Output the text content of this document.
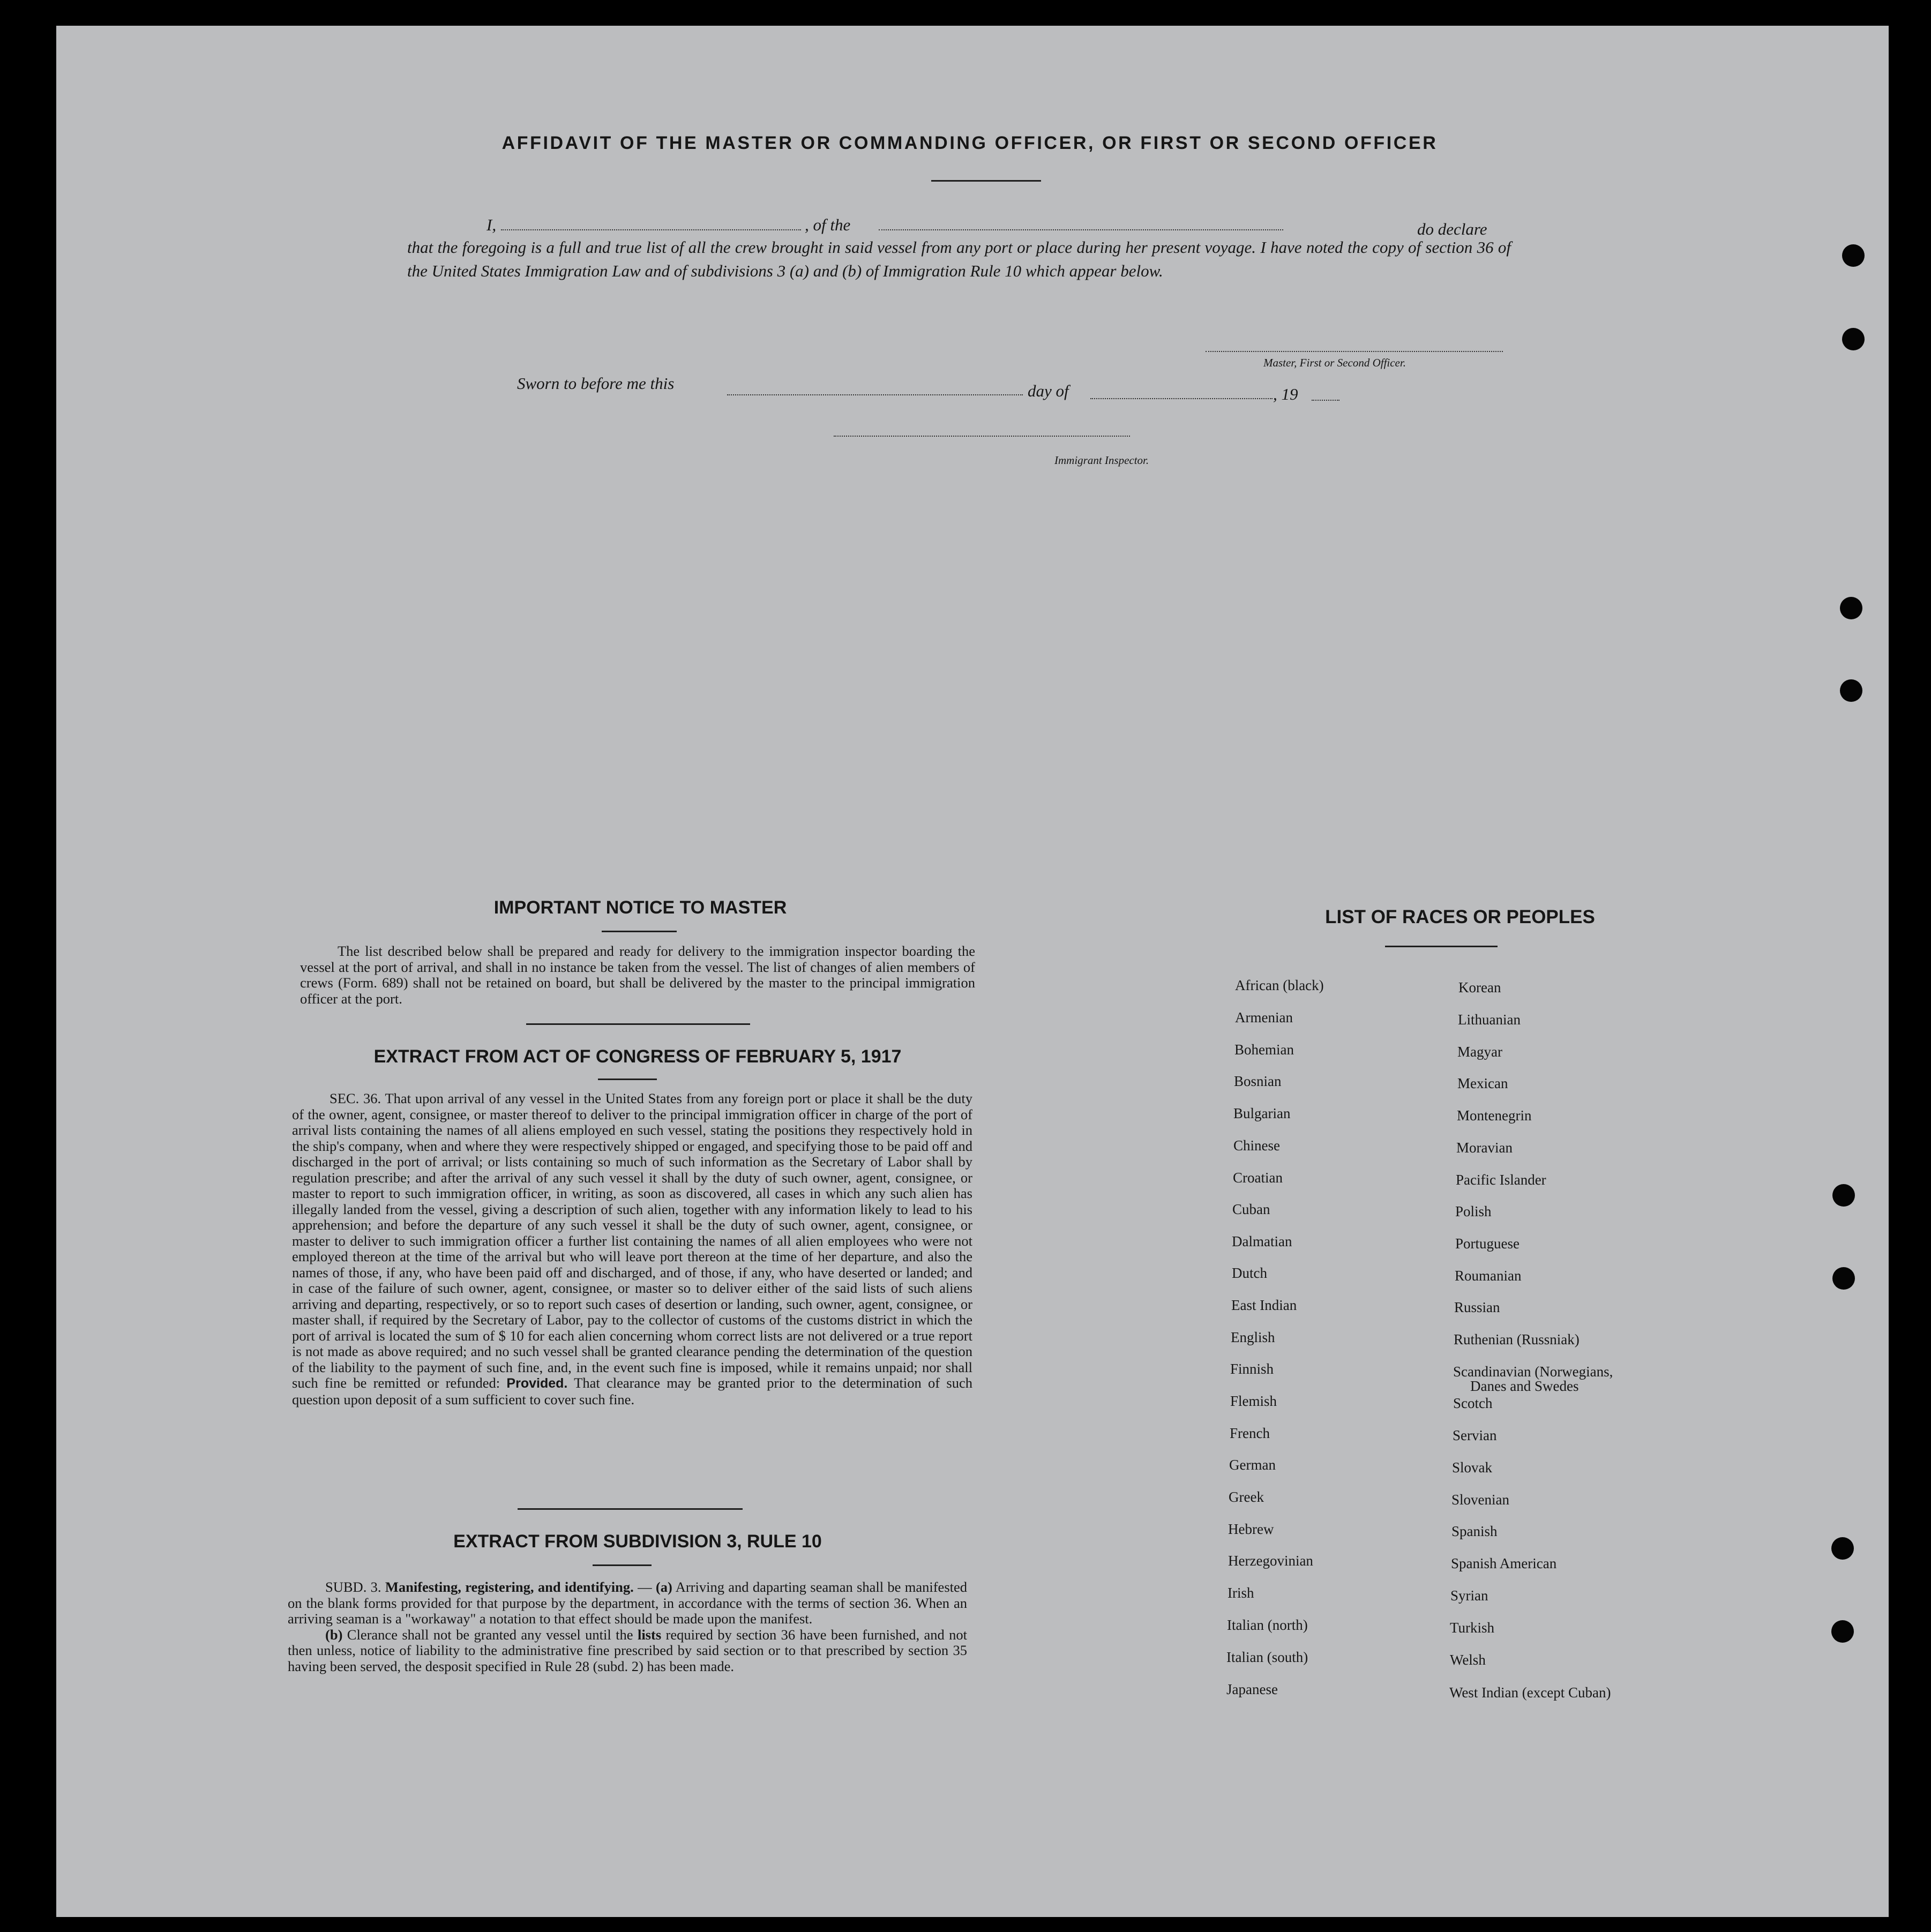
AFFIDAVIT OF THE MASTER OR COMMANDING OFFICER, OR FIRST OR SECOND OFFICER
I,	, of the	do declare
that the foregoing is a full and true list of all the crew brought in said vessel from any port or place during her present voyage. I have noted the copy of section 36 of the United States Immigration Law and of subdivisions 3 (a) and (b) of Immigration Rule 10 which appear below.
Master, First or Second Officer.
Sworn to before me this	day of	, 19
Immigrant Inspector.
IMPORTANT NOTICE TO MASTER

The list described below shall be prepared and ready for delivery to the immigration inspector boarding the vessel at the port of arrival, and shall in no instance be taken from the vessel. The list of changes of alien members of crews (Form. 689) shall not be retained on board, but shall be delivered by the master to the principal immigration officer at the port.

EXTRACT FROM ACT OF CONGRESS OF FEBRUARY 5, 1917

SEC. 36. That upon arrival of any vessel in the United States from any foreign port or place it shall be the duty of the owner, agent, consignee, or master thereof to deliver to the principal immigration officer in charge of the port of arrival lists containing the names of all aliens employed en such vessel, stating the positions they respectively hold in the ship's company, when and where they were respectively shipped or engaged, and specifying those to be paid off and discharged in the port of arrival; or lists containing so much of such information as the Secretary of Labor shall by regulation prescribe; and after the arrival of any such vessel it shall by the duty of such owner, agent, consignee, or master to report to such immigration officer, in writing, as soon as discovered, all cases in which any such alien has illegally landed from the vessel, giving a description of such alien, together with any information likely to lead to his apprehension; and before the departure of any such vessel it shall be the duty of such owner, agent, consignee, or master to deliver to such immigration officer a further list containing the names of all alien employees who were not employed thereon at the time of the arrival but who will leave port thereon at the time of her departure, and also the names of those, if any, who have been paid off and discharged, and of those, if any, who have deserted or landed; and in case of the failure of such owner, agent, consignee, or master so to deliver either of the said lists of such aliens arriving and departing, respectively, or so to report such cases of desertion or landing, such owner, agent, consignee, or master shall, if required by the Secretary of Labor, pay to the collector of customs of the customs district in which the port of arrival is located the sum of $ 10 for each alien concerning whom correct lists are not delivered or a true report is not made as above required; and no such vessel shall be granted clearance pending the determination of the question of the liability to the payment of such fine, and, in the event such fine is imposed, while it remains unpaid; nor shall such fine be remitted or refunded: Provided. That clearance may be granted prior to the determination of such question upon deposit of a sum sufficient to cover such fine.

EXTRACT FROM SUBDIVISION 3, RULE 10

SUBD. 3. Manifesting, registering, and identifying. — (a) Arriving and daparting seaman shall be manifested on the blank forms provided for that purpose by the department, in accordance with the terms of section 36. When an arriving seaman is a "workaway" a notation to that effect should be made upon the manifest.

(b) Clerance shall not be granted any vessel until the lists required by section 36 have been furnished, and not then unless, notice of liability to the administrative fine prescribed by said section or to that prescribed by section 35 having been served, the desposit specified in Rule 28 (subd. 2) has been made.

LIST OF RACES OR PEOPLES
African (black)
Armenian
Bohemian
Bosnian
Bulgarian
Chinese
Croatian
Cuban
Dalmatian
Dutch
East Indian
English
Finnish
Flemish
French
German
Greek
Hebrew
Herzegovinian
Irish
Italian (north)
Italian (south)
Japanese
Korean
Lithuanian
Magyar
Mexican
Montenegrin
Moravian
Pacific Islander
Polish
Portuguese
Roumanian
Russian
Ruthenian (Russniak)
Scandinavian (Norwegians,
Danes and Swedes
Scotch
Servian
Slovak
Slovenian
Spanish
Spanish American
Syrian
Turkish
Welsh
West Indian (except Cuban)
